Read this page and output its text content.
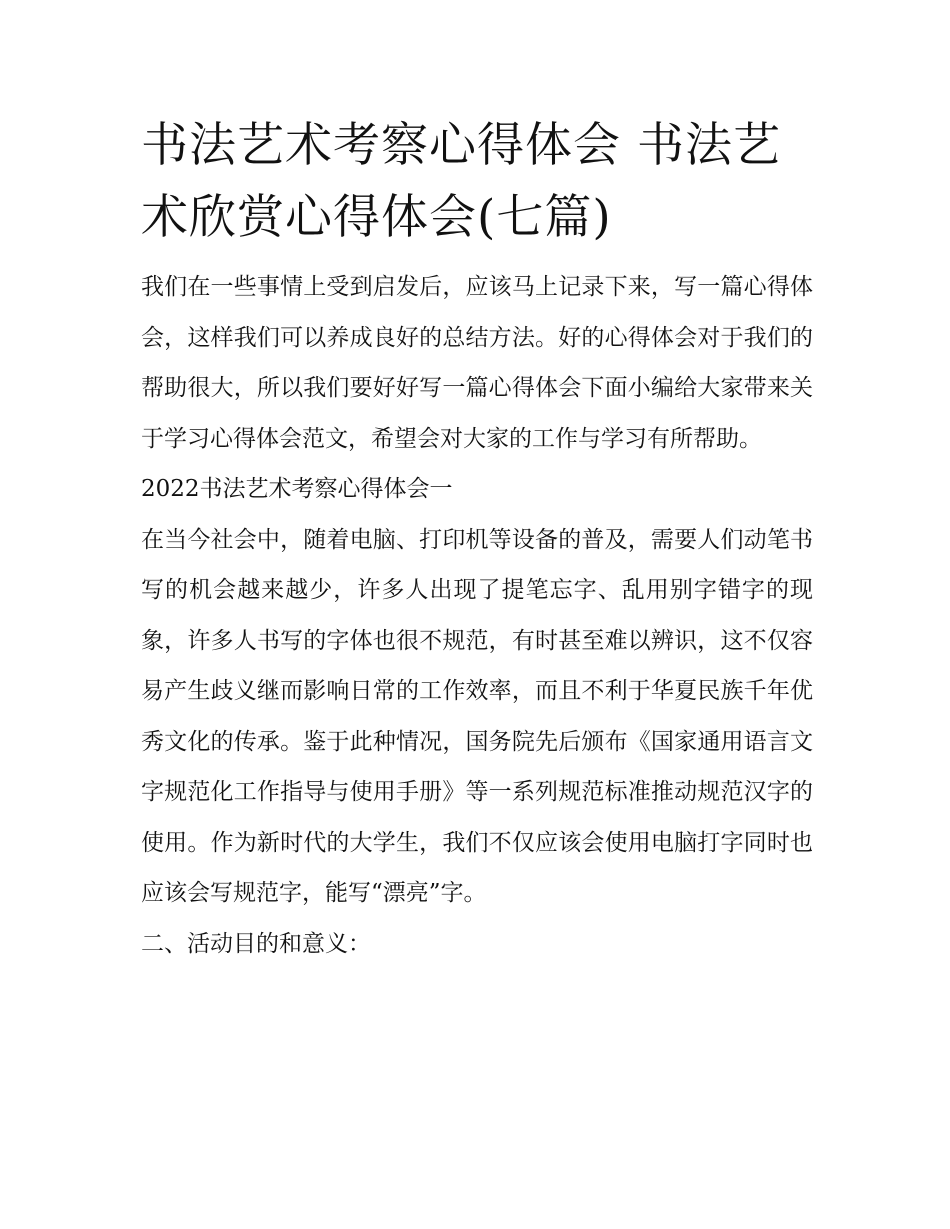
书法艺术考察心得体会 书法艺术欣赏心得体会(七篇)

我们在一些事情上受到启发后，应该马上记录下来，写一篇心得体会，这样我们可以养成良好的总结方法。好的心得体会对于我们的帮助很大，所以我们要好好写一篇心得体会下面小编给大家带来关于学习心得体会范文，希望会对大家的工作与学习有所帮助。

2022书法艺术考察心得体会一

在当今社会中，随着电脑、打印机等设备的普及，需要人们动笔书写的机会越来越少，许多人出现了提笔忘字、乱用别字错字的现象，许多人书写的字体也很不规范，有时甚至难以辨识，这不仅容易产生歧义继而影响日常的工作效率，而且不利于华夏民族千年优秀文化的传承。鉴于此种情况，国务院先后颁布《国家通用语言文字规范化工作指导与使用手册》等一系列规范标准推动规范汉字的使用。作为新时代的大学生，我们不仅应该会使用电脑打字同时也应该会写规范字，能写“漂亮”字。

二、活动目的和意义：
